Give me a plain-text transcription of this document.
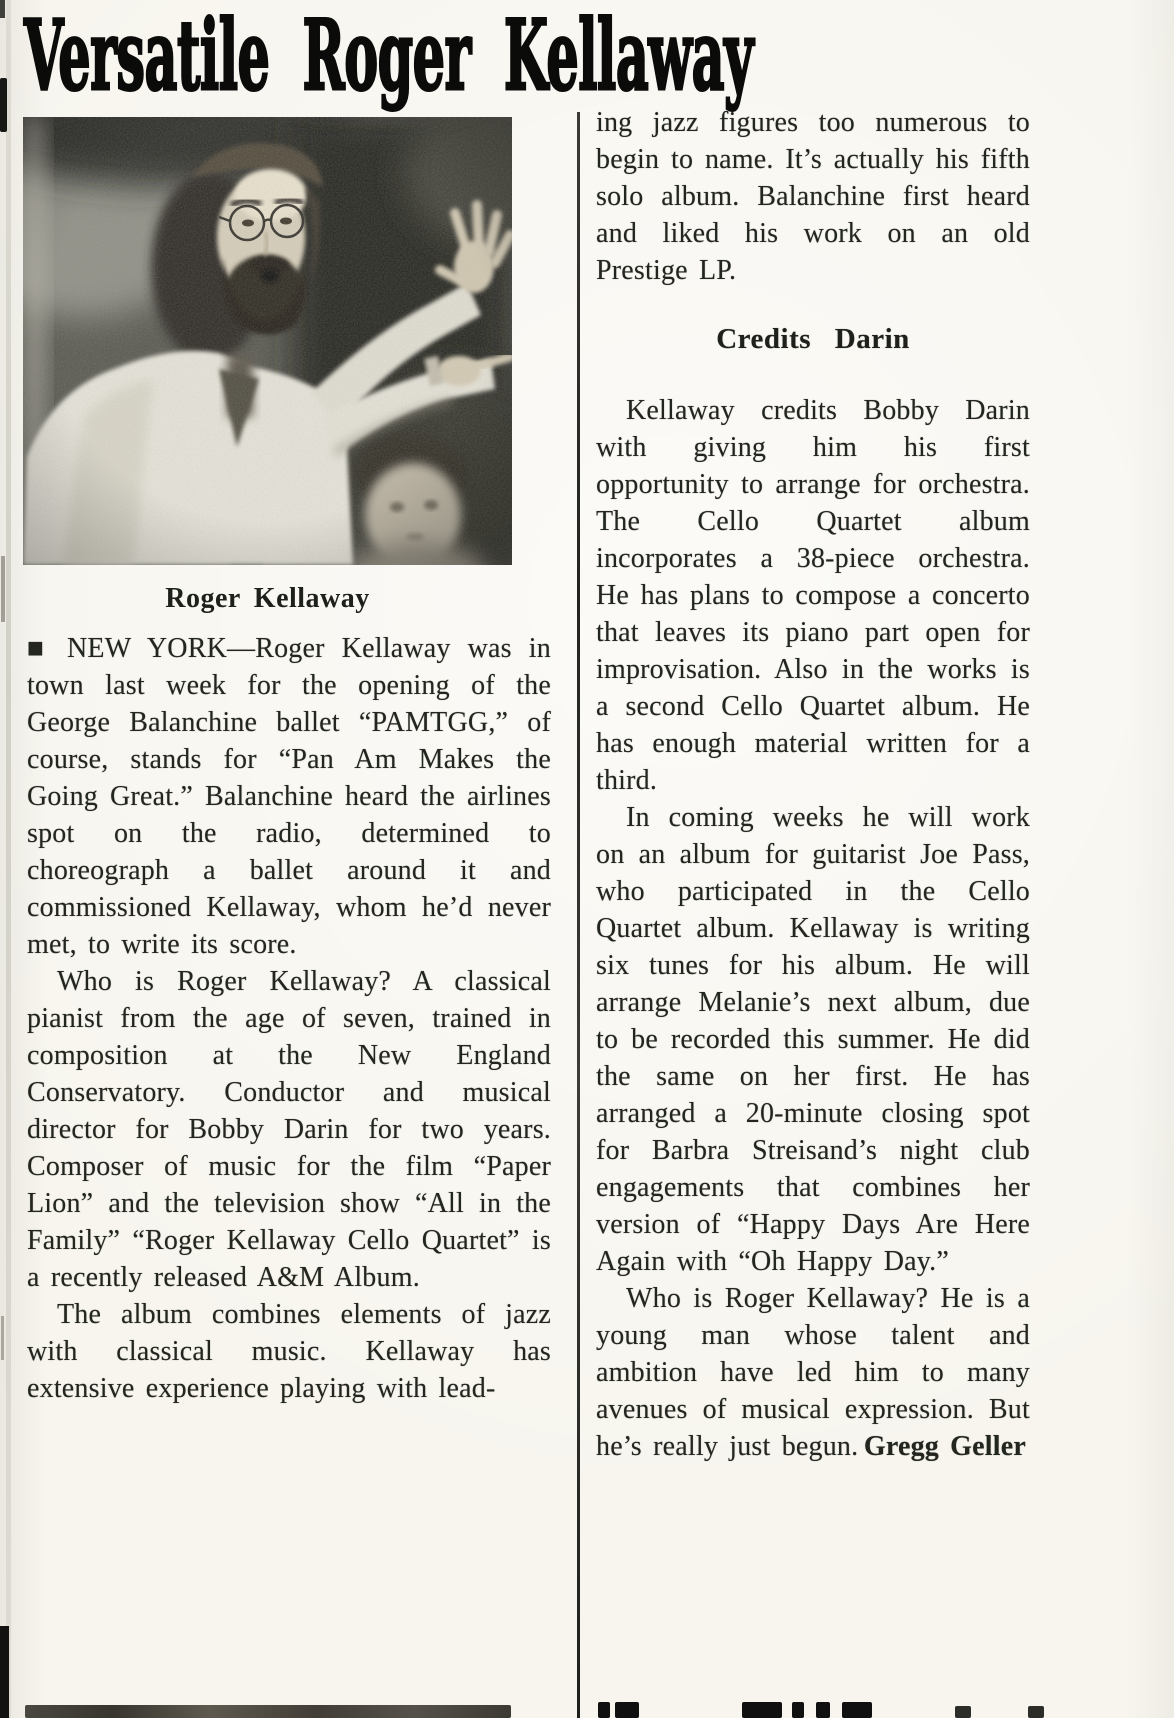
Versatile Roger Kellaway
Roger Kellaway

■ NEW YORK—Roger Kellaway was in town last week for the opening of the George Balanchine ballet “PAMTGG,” of course, stands for “Pan Am Makes the Going Great.” Balanchine heard the airlines spot on the radio, determined to choreograph a ballet around it and commissioned Kellaway, whom he’d never met, to write its score.

Who is Roger Kellaway? A classical pianist from the age of seven, trained in composition at the New England Conservatory. Conductor and musical director for Bobby Darin for two years. Composer of music for the film “Paper Lion” and the television show “All in the Family” “Roger Kellaway Cello Quartet” is a recently released A&M Album.

The album combines elements of jazz with classical music. Kellaway has extensive experience playing with lead-

ing jazz figures too numerous to begin to name. It’s actually his fifth solo album. Balanchine first heard and liked his work on an old Prestige LP.

Credits Darin

Kellaway credits Bobby Darin with giving him his first opportunity to arrange for orchestra. The Cello Quartet album incorporates a 38-piece orchestra. He has plans to compose a concerto that leaves its piano part open for improvisation. Also in the works is a second Cello Quartet album. He has enough material written for a third.

In coming weeks he will work on an album for guitarist Joe Pass, who participated in the Cello Quartet album. Kellaway is writing six tunes for his album. He will arrange Melanie’s next album, due to be recorded this summer. He did the same on her first. He has arranged a 20-minute closing spot for Barbra Streisand’s night club engagements that combines her version of “Happy Days Are Here Again with “Oh Happy Day.”

Who is Roger Kellaway? He is a young man whose talent and ambition have led him to many avenues of musical expression. But he’s really just begun. Gregg Geller
